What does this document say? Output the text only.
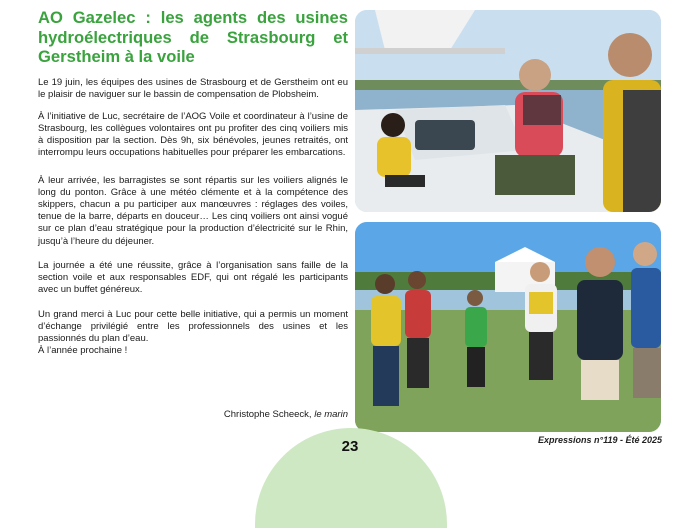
AO Gazelec : les agents des usines hydroélectriques de Strasbourg et Gerstheim à la voile

Le 19 juin, les équipes des usines de Strasbourg et de Gerstheim ont eu le plaisir de naviguer sur le bassin de compensation de Plobsheim.

À l’initiative de Luc, secrétaire de l’AOG Voile et coordinateur à l’usine de Strasbourg, les collègues volontaires ont pu profiter des cinq voiliers mis à disposition par la section. Dès 9h, six bénévoles, jeunes retraités, ont interrompu leurs occupations habituelles pour préparer les embarcations.

À leur arrivée, les barragistes se sont répartis sur les voiliers alignés le long du ponton. Grâce à une météo clémente et à la compétence des skippers, chacun a pu participer aux manœuvres : réglages des voiles, tenue de la barre, départs en douceur… Les cinq voiliers ont ainsi vogué sur ce plan d’eau stratégique pour la production d’électricité sur le Rhin, jusqu’à l’heure du déjeuner.

La journée a été une réussite, grâce à l’organisation sans faille de la section voile et aux responsables EDF, qui ont régalé les participants avec un buffet généreux.

Un grand merci à Luc pour cette belle initiative, qui a permis un moment d’échange privilégié entre les professionnels des usines et les passionnés du plan d’eau.

À l’année prochaine !

Christophe Scheeck, le marin
Expressions n°119 - Été 2025
23
